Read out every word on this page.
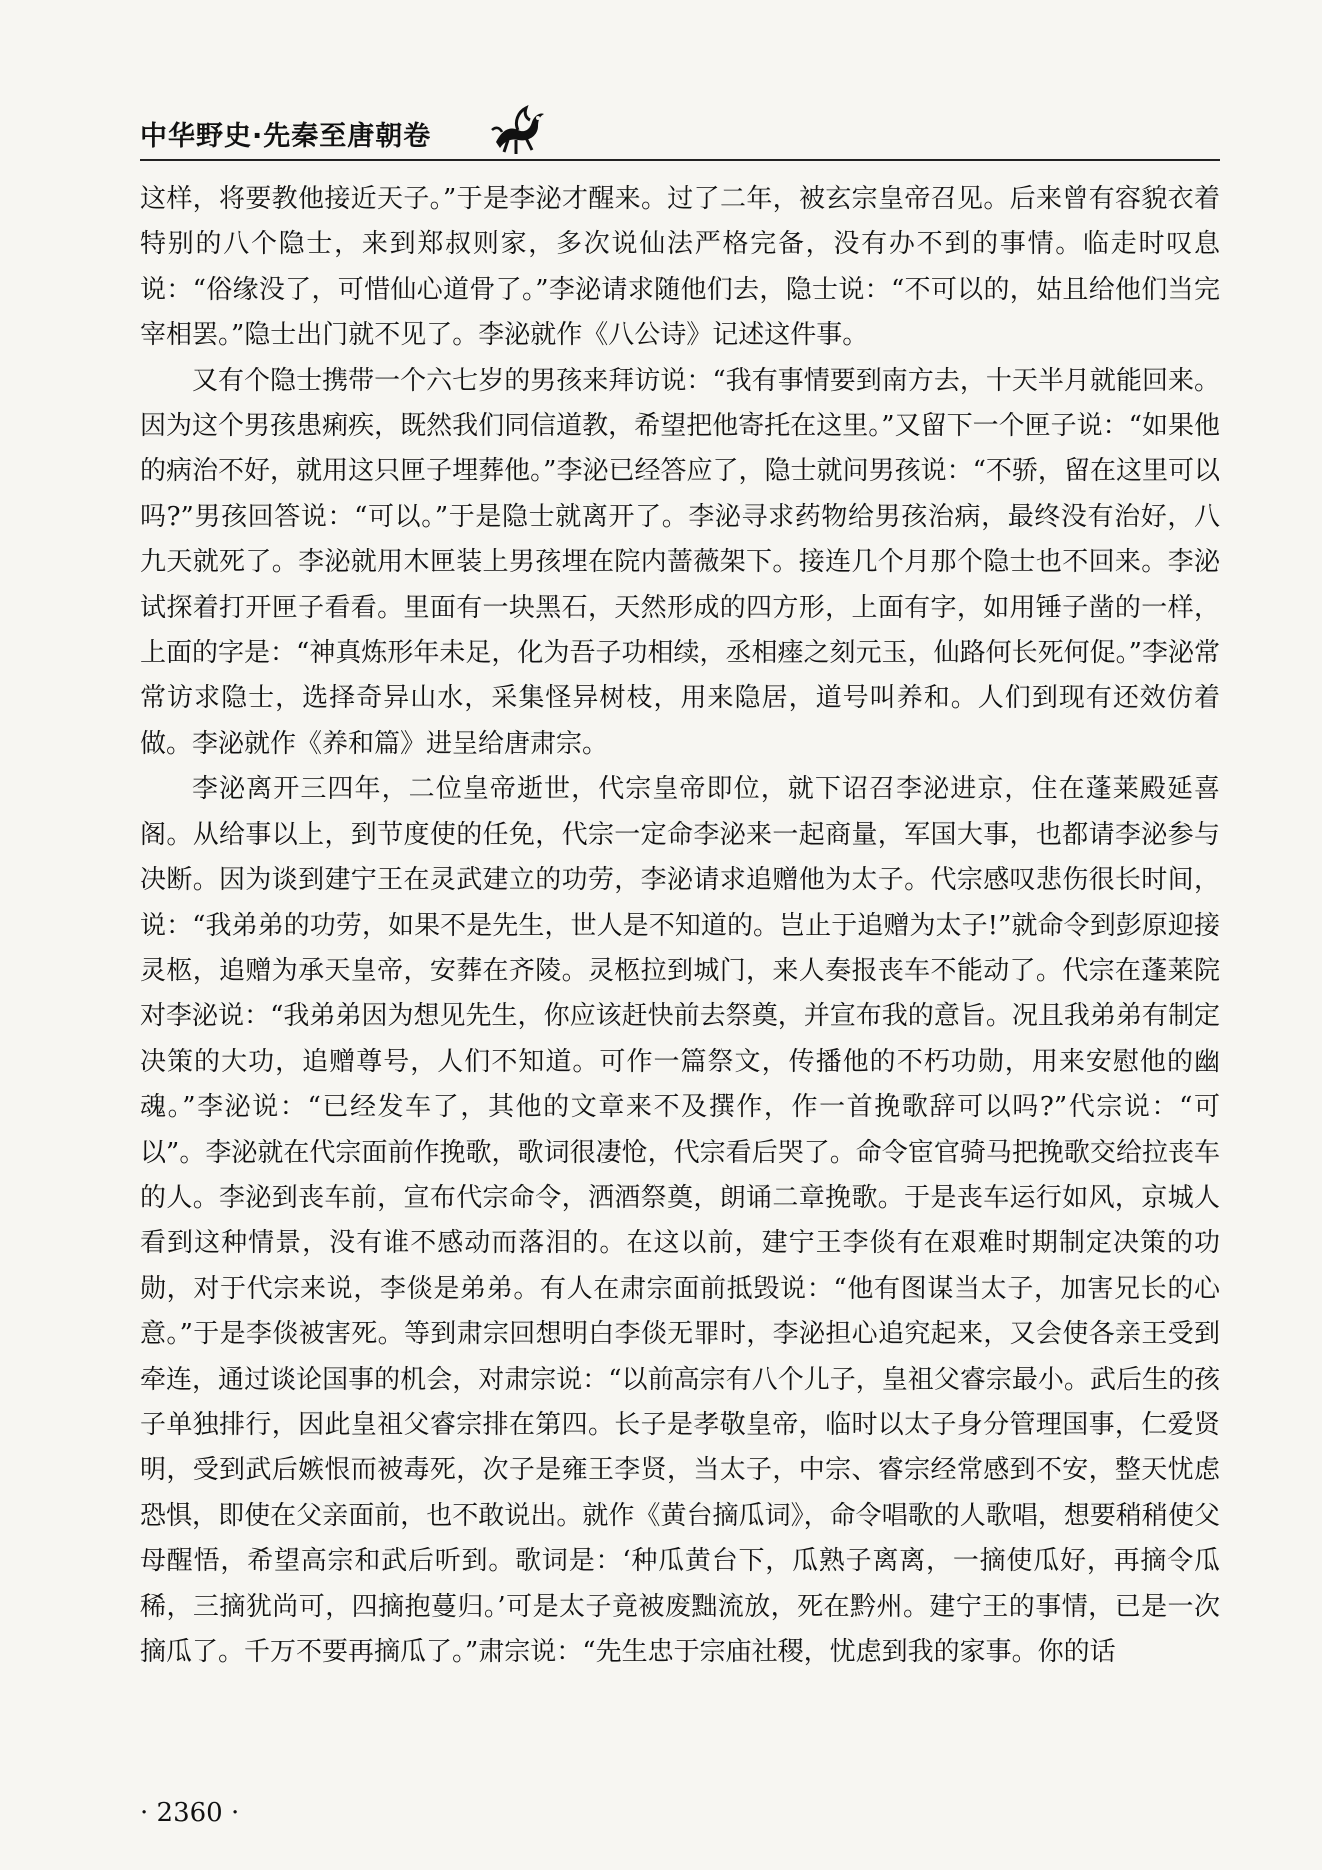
中华野史·先秦至唐朝卷

这样，将要教他接近天子。”于是李泌才醒来。过了二年，被玄宗皇帝召见。后来曾有容貌衣着特别的八个隐士，来到郑叔则家，多次说仙法严格完备，没有办不到的事情。临走时叹息说：“俗缘没了，可惜仙心道骨了。”李泌请求随他们去，隐士说：“不可以的，姑且给他们当完宰相罢。”隐士出门就不见了。李泌就作《八公诗》记述这件事。

又有个隐士携带一个六七岁的男孩来拜访说：“我有事情要到南方去，十天半月就能回来。因为这个男孩患痢疾，既然我们同信道教，希望把他寄托在这里。”又留下一个匣子说：“如果他的病治不好，就用这只匣子埋葬他。”李泌已经答应了，隐士就问男孩说：“不骄，留在这里可以吗?”男孩回答说：“可以。”于是隐士就离开了。李泌寻求药物给男孩治病，最终没有治好，八九天就死了。李泌就用木匣装上男孩埋在院内蔷薇架下。接连几个月那个隐士也不回来。李泌试探着打开匣子看看。里面有一块黑石，天然形成的四方形，上面有字，如用锤子凿的一样，上面的字是：“神真炼形年未足，化为吾子功相续，丞相瘗之刻元玉，仙路何长死何促。”李泌常常访求隐士，选择奇异山水，采集怪异树枝，用来隐居，道号叫养和。人们到现有还效仿着做。李泌就作《养和篇》进呈给唐肃宗。

李泌离开三四年，二位皇帝逝世，代宗皇帝即位，就下诏召李泌进京，住在蓬莱殿延喜阁。从给事以上，到节度使的任免，代宗一定命李泌来一起商量，军国大事，也都请李泌参与决断。因为谈到建宁王在灵武建立的功劳，李泌请求追赠他为太子。代宗感叹悲伤很长时间，说：“我弟弟的功劳，如果不是先生，世人是不知道的。岂止于追赠为太子!”就命令到彭原迎接灵柩，追赠为承天皇帝，安葬在齐陵。灵柩拉到城门，来人奏报丧车不能动了。代宗在蓬莱院对李泌说：“我弟弟因为想见先生，你应该赶快前去祭奠，并宣布我的意旨。况且我弟弟有制定决策的大功，追赠尊号，人们不知道。可作一篇祭文，传播他的不朽功勋，用来安慰他的幽魂。”李泌说：“已经发车了，其他的文章来不及撰作，作一首挽歌辞可以吗?”代宗说：“可以”。李泌就在代宗面前作挽歌，歌词很凄怆，代宗看后哭了。命令宦官骑马把挽歌交给拉丧车的人。李泌到丧车前，宣布代宗命令，洒酒祭奠，朗诵二章挽歌。于是丧车运行如风，京城人看到这种情景，没有谁不感动而落泪的。在这以前，建宁王李倓有在艰难时期制定决策的功勋，对于代宗来说，李倓是弟弟。有人在肃宗面前抵毁说：“他有图谋当太子，加害兄长的心意。”于是李倓被害死。等到肃宗回想明白李倓无罪时，李泌担心追究起来，又会使各亲王受到牵连，通过谈论国事的机会，对肃宗说：“以前高宗有八个儿子，皇祖父睿宗最小。武后生的孩子单独排行，因此皇祖父睿宗排在第四。长子是孝敬皇帝，临时以太子身分管理国事，仁爱贤明，受到武后嫉恨而被毒死，次子是雍王李贤，当太子，中宗、睿宗经常感到不安，整天忧虑恐惧，即使在父亲面前，也不敢说出。就作《黄台摘瓜词》，命令唱歌的人歌唱，想要稍稍使父母醒悟，希望高宗和武后听到。歌词是：‘种瓜黄台下，瓜熟子离离，一摘使瓜好，再摘令瓜稀，三摘犹尚可，四摘抱蔓归。’可是太子竟被废黜流放，死在黔州。建宁王的事情，已是一次摘瓜了。千万不要再摘瓜了。”肃宗说：“先生忠于宗庙社稷，忧虑到我的家事。你的话

· 2360 ·
